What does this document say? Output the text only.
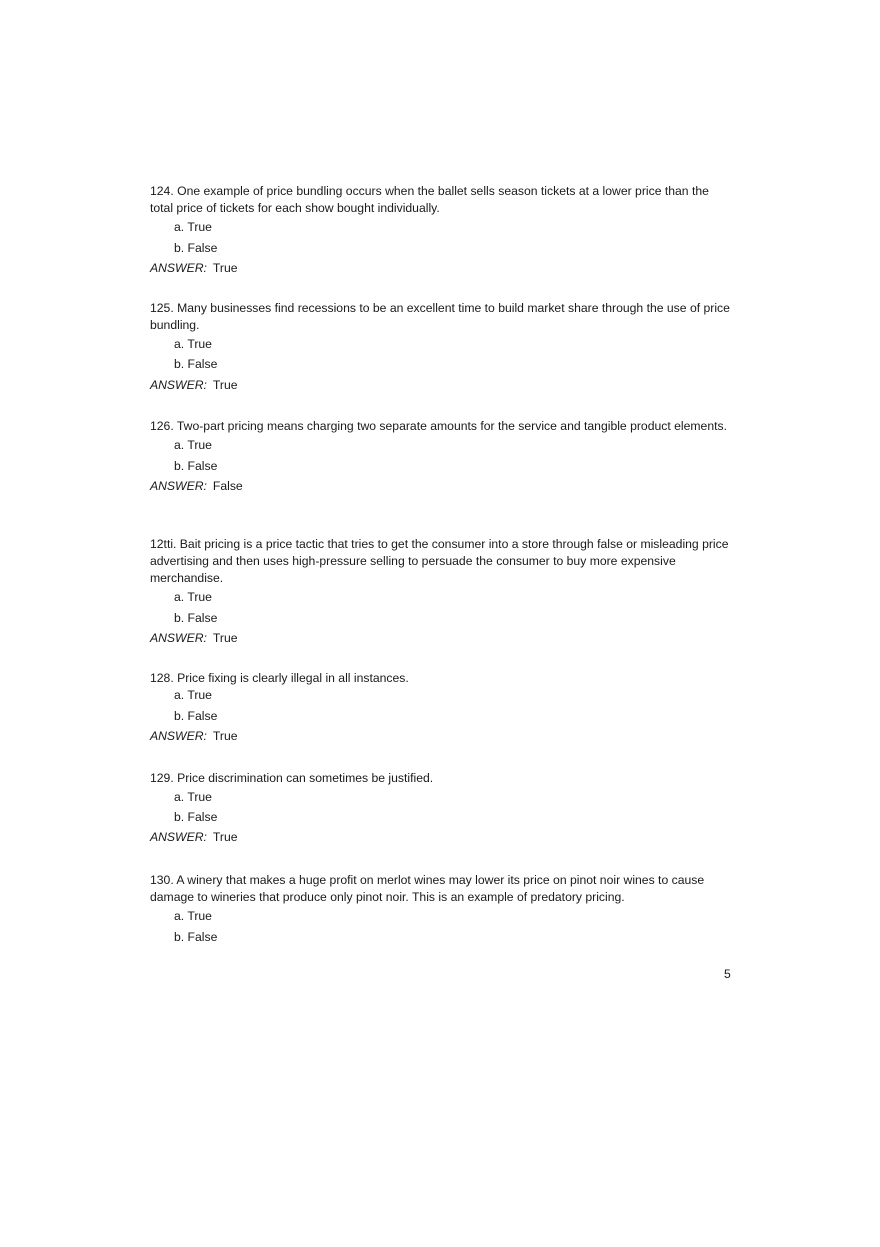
124. One example of price bundling occurs when the ballet sells season tickets at a lower price than the total price of tickets for each show bought individually.

a. True
b. False

ANSWER: True

125. Many businesses find recessions to be an excellent time to build market share through the use of price bundling.

a. True
b. False

ANSWER: True

126. Two-part pricing means charging two separate amounts for the service and tangible product elements.

a. True
b. False

ANSWER: False

12tti. Bait pricing is a price tactic that tries to get the consumer into a store through false or misleading price advertising and then uses high-pressure selling to persuade the consumer to buy more expensive merchandise.

a. True
b. False

ANSWER: True

128. Price fixing is clearly illegal in all instances.

a. True
b. False

ANSWER: True

129. Price discrimination can sometimes be justified.

a. True
b. False

ANSWER: True

130. A winery that makes a huge profit on merlot wines may lower its price on pinot noir wines to cause damage to wineries that produce only pinot noir. This is an example of predatory pricing.

a. True
b. False
5
